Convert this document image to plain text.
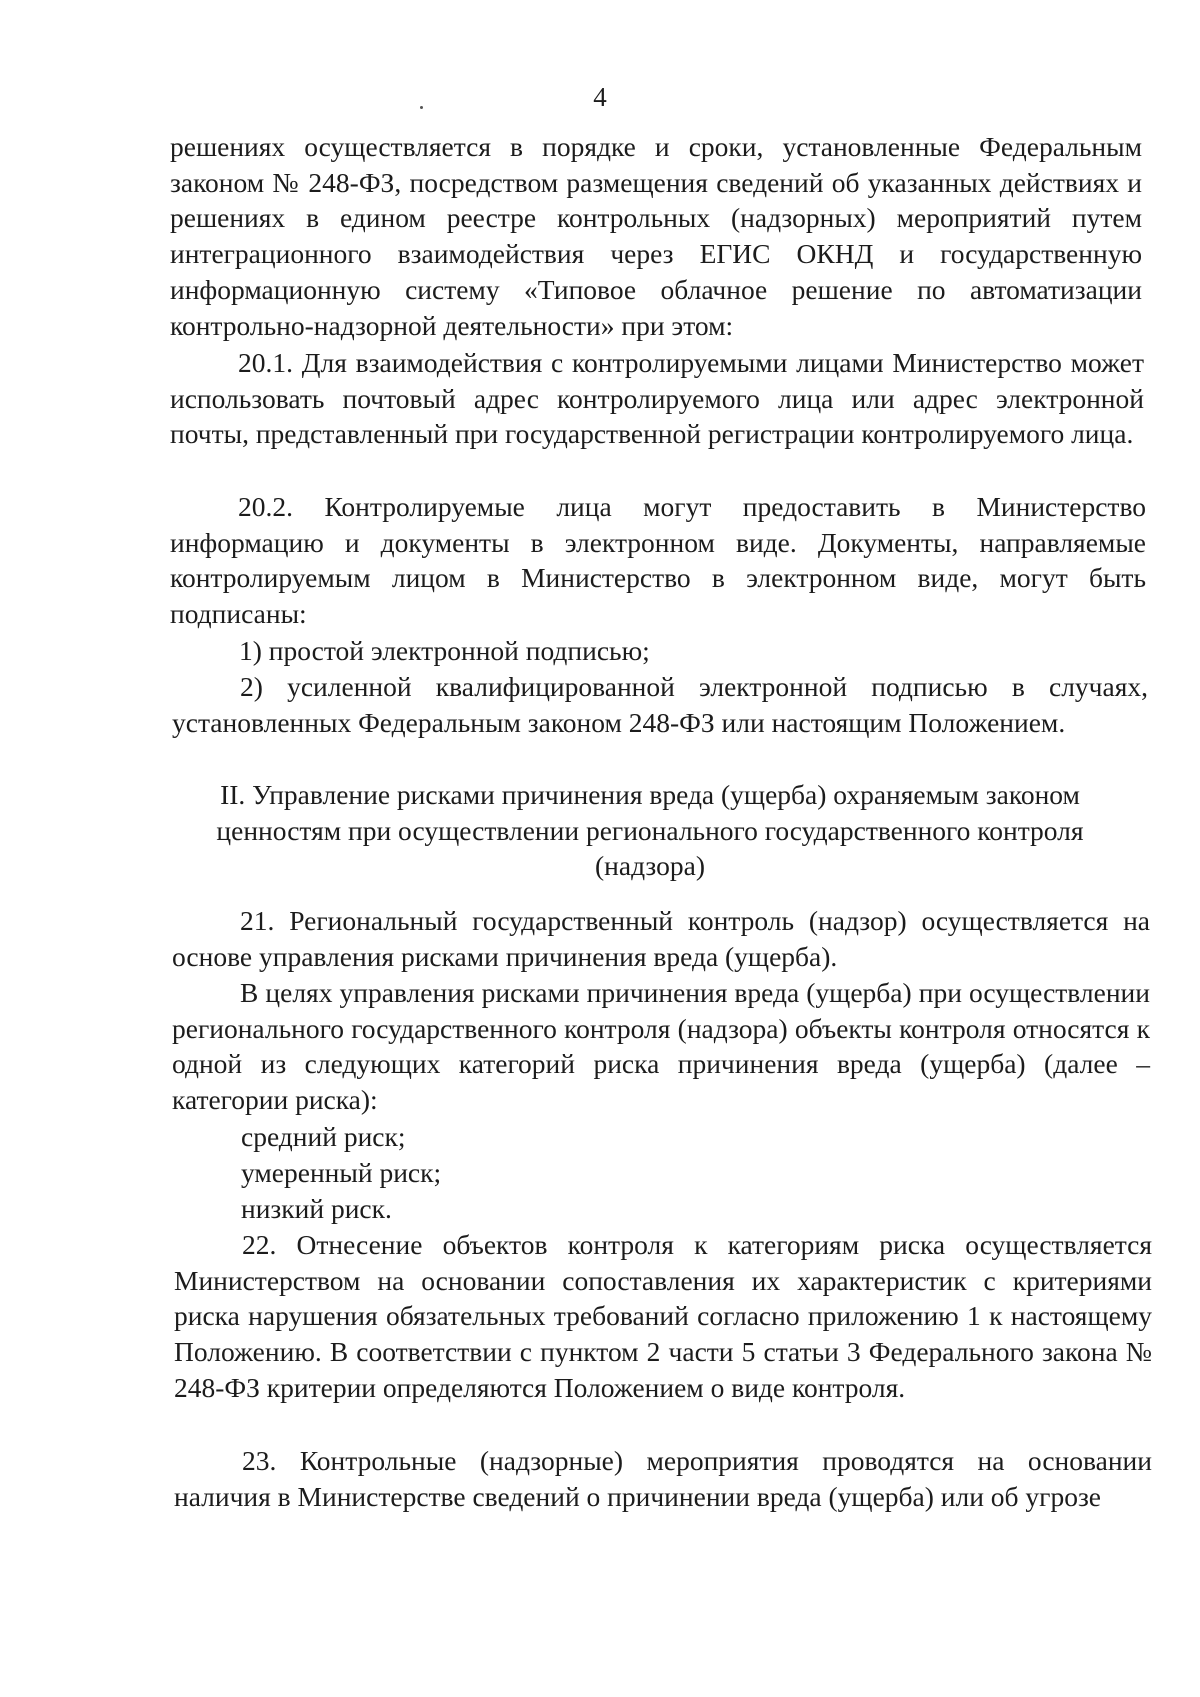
4

решениях осуществляется в порядке и сроки, установленные Федеральным законом № 248-ФЗ, посредством размещения сведений об указанных действиях и решениях в едином реестре контрольных (надзорных) мероприятий путем интеграционного взаимодействия через ЕГИС ОКНД и государственную информационную систему «Типовое облачное решение по автоматизации контрольно-надзорной деятельности» при этом:

20.1. Для взаимодействия с контролируемыми лицами Министерство может использовать почтовый адрес контролируемого лица или адрес электронной почты, представленный при государственной регистрации контролируемого лица.

20.2. Контролируемые лица могут предоставить в Министерство информацию и документы в электронном виде. Документы, направляемые контролируемым лицом в Министерство в электронном виде, могут быть подписаны:

1) простой электронной подписью;

2) усиленной квалифицированной электронной подписью в случаях, установленных Федеральным законом 248-ФЗ или настоящим Положением.

II. Управление рисками причинения вреда (ущерба) охраняемым законом ценностям при осуществлении регионального государственного контроля (надзора)

21. Региональный государственный контроль (надзор) осуществляется на основе управления рисками причинения вреда (ущерба).

В целях управления рисками причинения вреда (ущерба) при осуществлении регионального государственного контроля (надзора) объекты контроля относятся к одной из следующих категорий риска причинения вреда (ущерба) (далее – категории риска):

средний риск;

умеренный риск;

низкий риск.

22. Отнесение объектов контроля к категориям риска осуществляется Министерством на основании сопоставления их характеристик с критериями риска нарушения обязательных требований согласно приложению 1 к настоящему Положению. В соответствии с пунктом 2 части 5 статьи 3 Федерального закона № 248-ФЗ критерии определяются Положением о виде контроля.

23. Контрольные (надзорные) мероприятия проводятся на основании наличия в Министерстве сведений о причинении вреда (ущерба) или об угрозе
